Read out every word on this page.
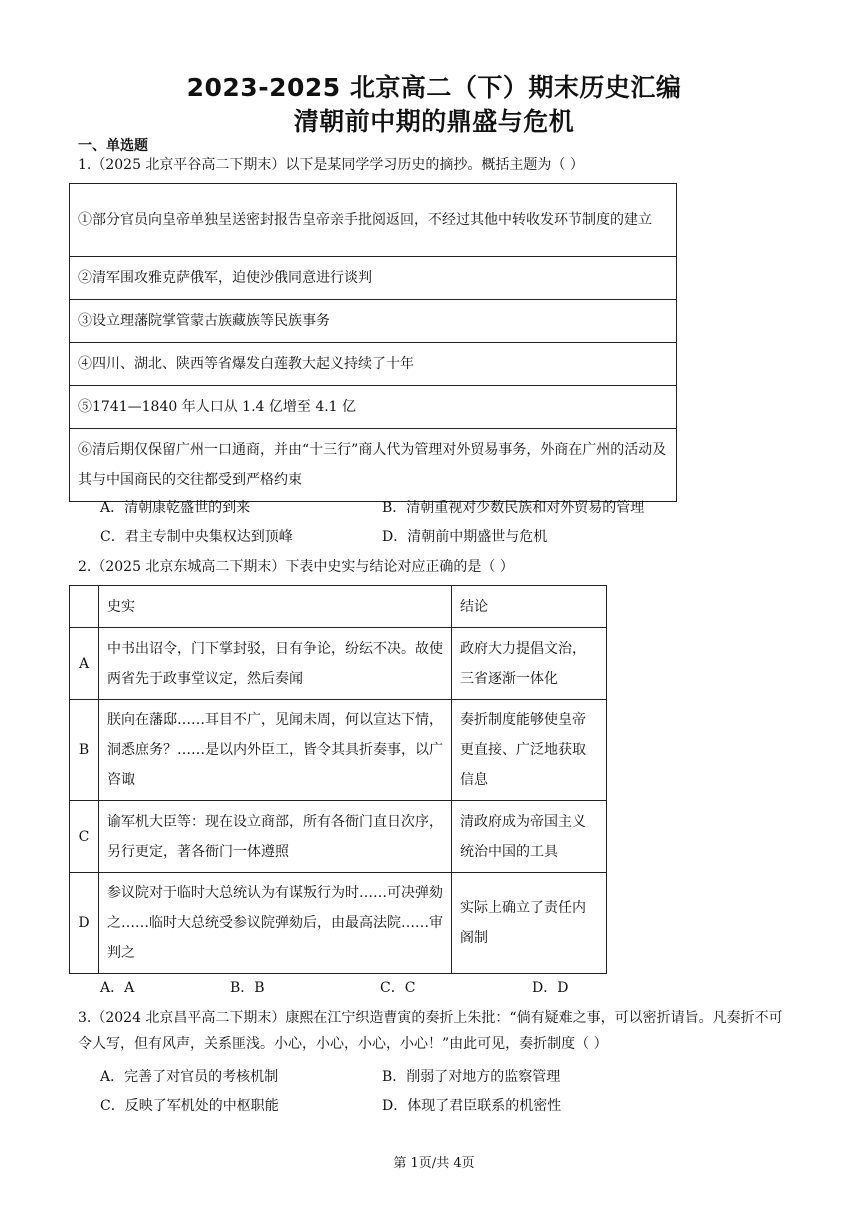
2023-2025 北京高二（下）期末历史汇编
清朝前中期的鼎盛与危机
一、单选题
1.（2025 北京平谷高二下期末）以下是某同学学习历史的摘抄。概括主题为（ ）
①部分官员向皇帝单独呈送密封报告皇帝亲手批阅返回，不经过其他中转收发环节制度的建立
②清军围攻雅克萨俄军，迫使沙俄同意进行谈判
③设立理藩院掌管蒙古族藏族等民族事务
④四川、湖北、陕西等省爆发白莲教大起义持续了十年
⑤1741—1840 年人口从 1.4 亿增至 4.1 亿
⑥清后期仅保留广州一口通商，并由“十三行”商人代为管理对外贸易事务，外商在广州的活动及其与中国商民的交往都受到严格约束
A．清朝康乾盛世的到来	B．清朝重视对少数民族和对外贸易的管理
C．君主专制中央集权达到顶峰	D．清朝前中期盛世与危机
2.（2025 北京东城高二下期末）下表中史实与结论对应正确的是（ ）
	史实	结论
A	中书出诏令，门下掌封驳，日有争论，纷纭不决。故使两省先于政事堂议定，然后奏闻	政府大力提倡文治，三省逐渐一体化
B	朕向在藩邸……耳目不广，见闻未周，何以宣达下情，洞悉庶务？……是以内外臣工，皆令其具折奏事，以广咨诹	奏折制度能够使皇帝更直接、广泛地获取信息
C	谕军机大臣等：现在设立商部，所有各衙门直日次序，另行更定，著各衙门一体遵照	清政府成为帝国主义统治中国的工具
D	参议院对于临时大总统认为有谋叛行为时……可决弹劾之……临时大总统受参议院弹劾后，由最高法院……审判之	实际上确立了责任内阁制
A．A	B．B	C．C	D．D
3.（2024 北京昌平高二下期末）康熙在江宁织造曹寅的奏折上朱批：“倘有疑难之事，可以密折请旨。凡奏折不可令人写，但有风声，关系匪浅。小心，小心，小心，小心！”由此可见，奏折制度（ ）
A．完善了对官员的考核机制	B．削弱了对地方的监察管理
C．反映了军机处的中枢职能	D．体现了君臣联系的机密性
第 1页/共 4页
